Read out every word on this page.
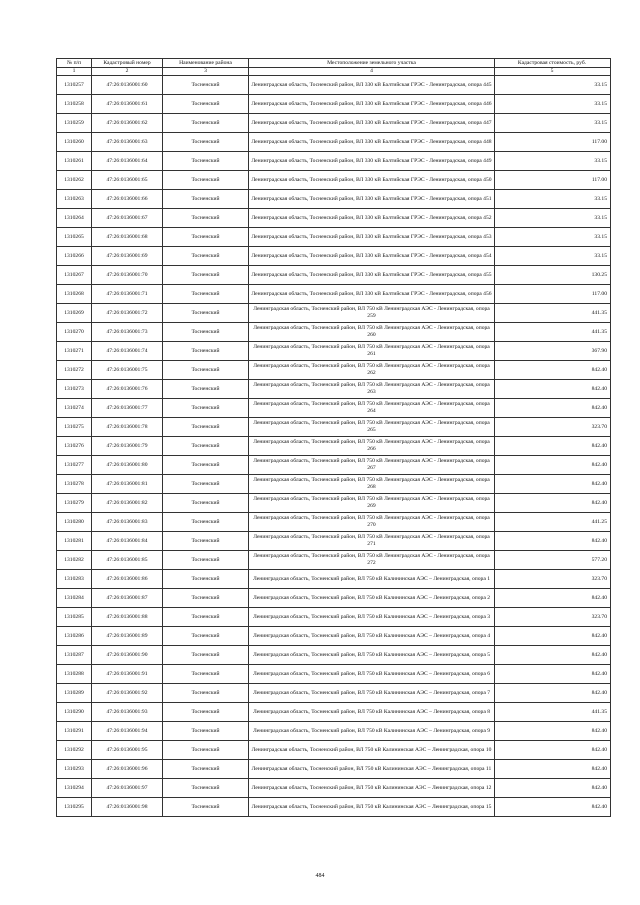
№ п/п	Кадастровый номер	Наименование района	Местоположение земельного участка	Кадастровая стоимость, руб.
1	2	3	4	5
1310257	47:26:0136001:60	Тосненский	Ленинградская область, Тосненский район, ВЛ 330 кВ Балтийская ГРЭС - Ленинградская, опора 445	33.15
1310258	47:26:0136001:61	Тосненский	Ленинградская область, Тосненский район, ВЛ 330 кВ Балтийская ГРЭС - Ленинградская, опора 446	33.15
1310259	47:26:0136001:62	Тосненский	Ленинградская область, Тосненский район, ВЛ 330 кВ Балтийская ГРЭС - Ленинградская, опора 447	33.15
1310260	47:26:0136001:63	Тосненский	Ленинградская область, Тосненский район, ВЛ 330 кВ Балтийская ГРЭС - Ленинградская, опора 448	117.00
1310261	47:26:0136001:64	Тосненский	Ленинградская область, Тосненский район, ВЛ 330 кВ Балтийская ГРЭС - Ленинградская, опора 449	33.15
1310262	47:26:0136001:65	Тосненский	Ленинградская область, Тосненский район, ВЛ 330 кВ Балтийская ГРЭС - Ленинградская, опора 450	117.00
1310263	47:26:0136001:66	Тосненский	Ленинградская область, Тосненский район, ВЛ 330 кВ Балтийская ГРЭС - Ленинградская, опора 451	33.15
1310264	47:26:0136001:67	Тосненский	Ленинградская область, Тосненский район, ВЛ 330 кВ Балтийская ГРЭС - Ленинградская, опора 452	33.15
1310265	47:26:0136001:68	Тосненский	Ленинградская область, Тосненский район, ВЛ 330 кВ Балтийская ГРЭС - Ленинградская, опора 453	33.15
1310266	47:26:0136001:69	Тосненский	Ленинградская область, Тосненский район, ВЛ 330 кВ Балтийская ГРЭС - Ленинградская, опора 454	33.15
1310267	47:26:0136001:70	Тосненский	Ленинградская область, Тосненский район, ВЛ 330 кВ Балтийская ГРЭС - Ленинградская, опора 455	130.25
1310268	47:26:0136001:71	Тосненский	Ленинградская область, Тосненский район, ВЛ 330 кВ Балтийская ГРЭС - Ленинградская, опора 456	117.00
1310269	47:26:0136001:72	Тосненский	Ленинградская область, Тосненский район, ВЛ 750 кВ Ленинградская АЭС - Ленинградская, опора 259	441.35
1310270	47:26:0136001:73	Тосненский	Ленинградская область, Тосненский район, ВЛ 750 кВ Ленинградская АЭС - Ленинградская, опора 260	441.35
1310271	47:26:0136001:74	Тосненский	Ленинградская область, Тосненский район, ВЛ 750 кВ Ленинградская АЭС - Ленинградская, опора 261	367.90
1310272	47:26:0136001:75	Тосненский	Ленинградская область, Тосненский район, ВЛ 750 кВ Ленинградская АЭС - Ленинградская, опора 262	842.40
1310273	47:26:0136001:76	Тосненский	Ленинградская область, Тосненский район, ВЛ 750 кВ Ленинградская АЭС - Ленинградская, опора 263	842.40
1310274	47:26:0136001:77	Тосненский	Ленинградская область, Тосненский район, ВЛ 750 кВ Ленинградская АЭС - Ленинградская, опора 264	842.40
1310275	47:26:0136001:78	Тосненский	Ленинградская область, Тосненский район, ВЛ 750 кВ Ленинградская АЭС - Ленинградская, опора 265	323.70
1310276	47:26:0136001:79	Тосненский	Ленинградская область, Тосненский район, ВЛ 750 кВ Ленинградская АЭС - Ленинградская, опора 266	842.40
1310277	47:26:0136001:80	Тосненский	Ленинградская область, Тосненский район, ВЛ 750 кВ Ленинградская АЭС - Ленинградская, опора 267	842.40
1310278	47:26:0136001:81	Тосненский	Ленинградская область, Тосненский район, ВЛ 750 кВ Ленинградская АЭС - Ленинградская, опора 268	842.40
1310279	47:26:0136001:82	Тосненский	Ленинградская область, Тосненский район, ВЛ 750 кВ Ленинградская АЭС - Ленинградская, опора 269	842.40
1310280	47:26:0136001:83	Тосненский	Ленинградская область, Тосненский район, ВЛ 750 кВ Ленинградская АЭС - Ленинградская, опора 270	441.25
1310281	47:26:0136001:84	Тосненский	Ленинградская область, Тосненский район, ВЛ 750 кВ Ленинградская АЭС - Ленинградская, опора 271	842.40
1310282	47:26:0136001:85	Тосненский	Ленинградская область, Тосненский район, ВЛ 750 кВ Ленинградская АЭС - Ленинградская, опора 272	577.20
1310283	47:26:0136001:86	Тосненский	Ленинградская область, Тосненский район, ВЛ 750 кВ Калининская АЭС – Ленинградская, опора 1	323.70
1310284	47:26:0136001:87	Тосненский	Ленинградская область, Тосненский район, ВЛ 750 кВ Калининская АЭС – Ленинградская, опора 2	842.40
1310285	47:26:0136001:88	Тосненский	Ленинградская область, Тосненский район, ВЛ 750 кВ Калининская АЭС – Ленинградская, опора 3	323.70
1310286	47:26:0136001:89	Тосненский	Ленинградская область, Тосненский район, ВЛ 750 кВ Калининская АЭС – Ленинградская, опора 4	842.40
1310287	47:26:0136001:90	Тосненский	Ленинградская область, Тосненский район, ВЛ 750 кВ Калининская АЭС – Ленинградская, опора 5	842.40
1310288	47:26:0136001:91	Тосненский	Ленинградская область, Тосненский район, ВЛ 750 кВ Калининская АЭС – Ленинградская, опора 6	842.40
1310289	47:26:0136001:92	Тосненский	Ленинградская область, Тосненский район, ВЛ 750 кВ Калининская АЭС – Ленинградская, опора 7	842.40
1310290	47:26:0136001:93	Тосненский	Ленинградская область, Тосненский район, ВЛ 750 кВ Калининская АЭС – Ленинградская, опора 8	441.35
1310291	47:26:0136001:94	Тосненский	Ленинградская область, Тосненский район, ВЛ 750 кВ Калининская АЭС – Ленинградская, опора 9	842.40
1310292	47:26:0136001:95	Тосненский	Ленинградская область, Тосненский район, ВЛ 750 кВ Калининская АЭС – Ленинградская, опора 10	842.40
1310293	47:26:0136001:96	Тосненский	Ленинградская область, Тосненский район, ВЛ 750 кВ Калининская АЭС – Ленинградская, опора 11	842.40
1310294	47:26:0136001:97	Тосненский	Ленинградская область, Тосненский район, ВЛ 750 кВ Калининская АЭС – Ленинградская, опора 12	842.40
1310295	47:26:0136001:98	Тосненский	Ленинградская область, Тосненский район, ВЛ 750 кВ Калининская АЭС – Ленинградская, опора 15	842.40
484
